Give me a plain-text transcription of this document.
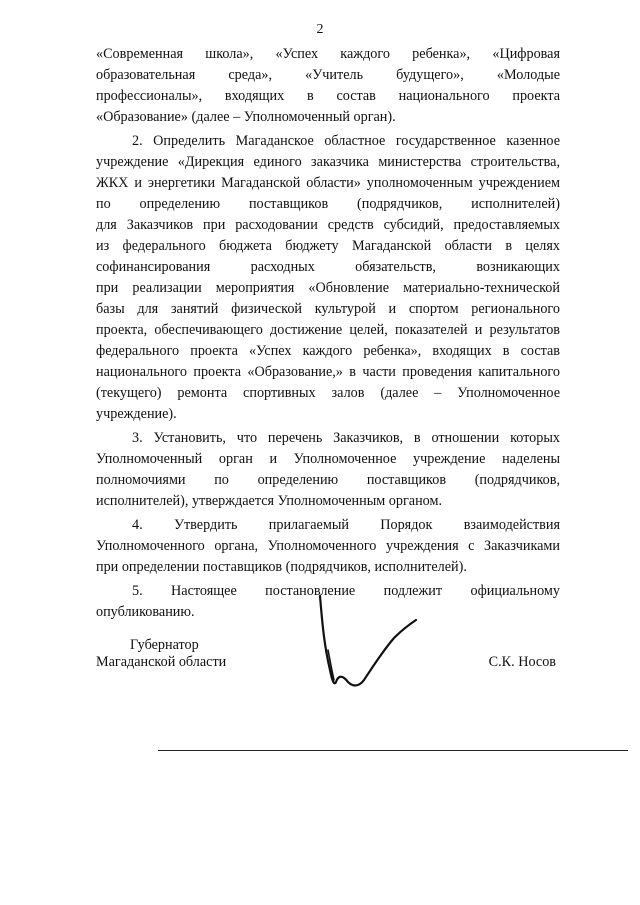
2

«Современная школа», «Успех каждого ребенка», «Цифровая
образовательная среда», «Учитель будущего», «Молодые
профессионалы», входящих в состав национального проекта
«Образование» (далее – Уполномоченный орган).

2. Определить Магаданское областное государственное казенное
учреждение «Дирекция единого заказчика министерства строительства,
ЖКХ и энергетики Магаданской области» уполномоченным учреждением
по определению поставщиков (подрядчиков, исполнителей)
для Заказчиков при расходовании средств субсидий, предоставляемых
из федерального бюджета бюджету Магаданской области в целях
софинансирования расходных обязательств, возникающих
при реализации мероприятия «Обновление материально-технической
базы для занятий физической культурой и спортом регионального
проекта, обеспечивающего достижение целей, показателей и результатов
федерального проекта «Успех каждого ребенка», входящих в состав
национального проекта «Образование,» в части проведения капитального
(текущего) ремонта спортивных залов (далее – Уполномоченное
учреждение).

3. Установить, что перечень Заказчиков, в отношении которых
Уполномоченный орган и Уполномоченное учреждение наделены
полномочиями по определению поставщиков (подрядчиков,
исполнителей), утверждается Уполномоченным органом.

4. Утвердить прилагаемый Порядок взаимодействия
Уполномоченного органа, Уполномоченного учреждения с Заказчиками
при определении поставщиков (подрядчиков, исполнителей).

5. Настоящее постановление подлежит официальному
опубликованию.

Губернатор
Магаданской области	С.К. Носов
